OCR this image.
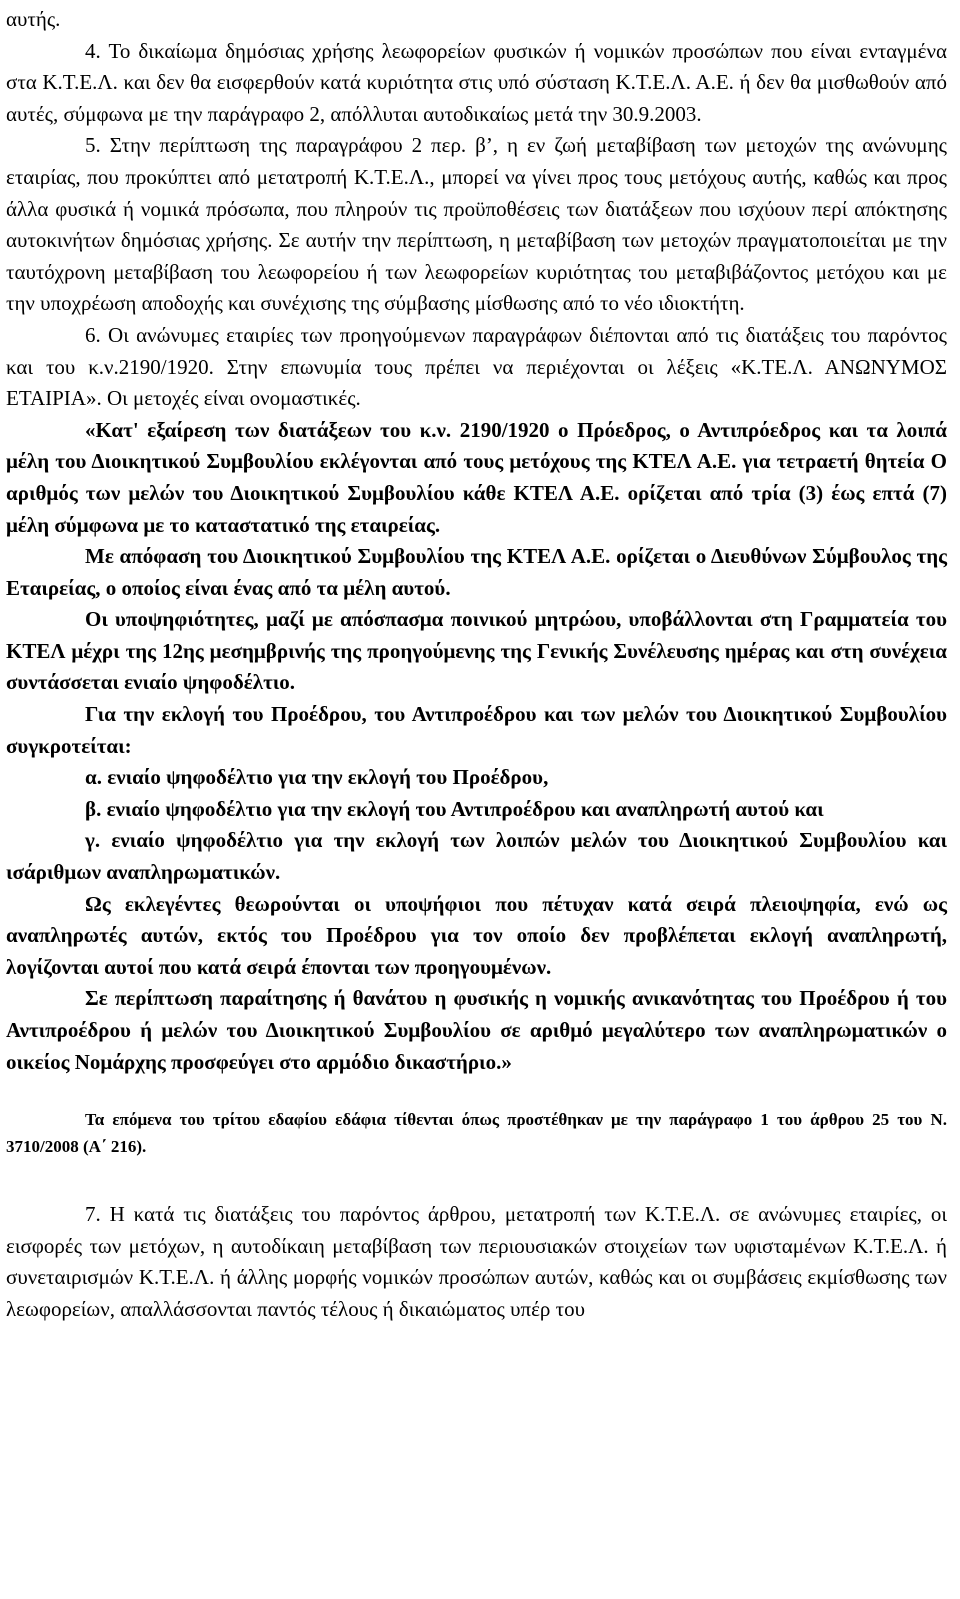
αυτής.

4. Το δικαίωμα δημόσιας χρήσης λεωφορείων φυσικών ή νομικών προσώπων που είναι ενταγμένα στα Κ.Τ.Ε.Λ. και δεν θα εισφερθούν κατά κυριότητα στις υπό σύσταση Κ.Τ.Ε.Λ. Α.Ε. ή δεν θα μισθωθούν από αυτές, σύμφωνα με την παράγραφο 2, απόλλυται αυτοδικαίως μετά την 30.9.2003.

5. Στην περίπτωση της παραγράφου 2 περ. β’, η εν ζωή μεταβίβαση των μετοχών της ανώνυμης εταιρίας, που προκύπτει από μετατροπή Κ.Τ.Ε.Λ., μπορεί να γίνει προς τους μετόχους αυτής, καθώς και προς άλλα φυσικά ή νομικά πρόσωπα, που πληρούν τις προϋποθέσεις των διατάξεων που ισχύουν περί απόκτησης αυτοκινήτων δημόσιας χρήσης. Σε αυτήν την περίπτωση, η μεταβίβαση των μετοχών πραγματοποιείται με την ταυτόχρονη μεταβίβαση του λεωφορείου ή των λεωφορείων κυριότητας του μεταβιβάζοντος μετόχου και με την υποχρέωση αποδοχής και συνέχισης της σύμβασης μίσθωσης από το νέο ιδιοκτήτη.

6. Οι ανώνυμες εταιρίες των προηγούμενων παραγράφων διέπονται από τις διατάξεις του παρόντος και του κ.ν.2190/1920. Στην επωνυμία τους πρέπει να περιέχονται οι λέξεις «Κ.ΤΕ.Λ. ΑΝΩΝΥΜΟΣ ΕΤΑΙΡΙΑ». Οι μετοχές είναι ονομαστικές.

«Κατ' εξαίρεση των διατάξεων του κ.ν. 2190/1920 ο Πρόεδρος, ο Αντιπρόεδρος και τα λοιπά μέλη του Διοικητικού Συμβουλίου εκλέγονται από τους μετόχους της ΚΤΕΛ Α.Ε. για τετραετή θητεία Ο αριθμός των μελών του Διοικητικού Συμβουλίου κάθε ΚΤΕΛ Α.Ε. ορίζεται από τρία (3) έως επτά (7) μέλη σύμφωνα με το καταστατικό της εταιρείας.

Με απόφαση του Διοικητικού Συμβουλίου της ΚΤΕΛ Α.Ε. ορίζεται ο Διευθύνων Σύμβουλος της Εταιρείας, ο οποίος είναι ένας από τα μέλη αυτού.

Οι υποψηφιότητες, μαζί με απόσπασμα ποινικού μητρώου, υποβάλλονται στη Γραμματεία του ΚΤΕΛ μέχρι της 12ης μεσημβρινής της προηγούμενης της Γενικής Συνέλευσης ημέρας και στη συνέχεια συντάσσεται ενιαίο ψηφοδέλτιο.

Για την εκλογή του Προέδρου, του Αντιπροέδρου και των μελών του Διοικητικού Συμβουλίου συγκροτείται:

α. ενιαίο ψηφοδέλτιο για την εκλογή του Προέδρου,

β. ενιαίο ψηφοδέλτιο για την εκλογή του Αντιπροέδρου και αναπληρωτή αυτού και

γ. ενιαίο ψηφοδέλτιο για την εκλογή των λοιπών μελών του Διοικητικού Συμβουλίου και ισάριθμων αναπληρωματικών.

Ως εκλεγέντες θεωρούνται οι υποψήφιοι που πέτυχαν κατά σειρά πλειοψηφία, ενώ ως αναπληρωτές αυτών, εκτός του Προέδρου για τον οποίο δεν προβλέπεται εκλογή αναπληρωτή, λογίζονται αυτοί που κατά σειρά έπονται των προηγουμένων.

Σε περίπτωση παραίτησης ή θανάτου η φυσικής η νομικής ανικανότητας του Προέδρου ή του Αντιπροέδρου ή μελών του Διοικητικού Συμβουλίου σε αριθμό μεγαλύτερο των αναπληρωματικών ο οικείος Νομάρχης προσφεύγει στο αρμόδιο δικαστήριο.»

Τα επόμενα του τρίτου εδαφίου εδάφια τίθενται όπως προστέθηκαν με την παράγραφο 1 του άρθρου 25 του Ν. 3710/2008 (Α΄ 216).

7. Η κατά τις διατάξεις του παρόντος άρθρου, μετατροπή των Κ.Τ.Ε.Λ. σε ανώνυμες εταιρίες, οι εισφορές των μετόχων, η αυτοδίκαιη μεταβίβαση των περιουσιακών στοιχείων των υφισταμένων Κ.Τ.Ε.Λ. ή συνεταιρισμών Κ.Τ.Ε.Λ. ή άλλης μορφής νομικών προσώπων αυτών, καθώς και οι συμβάσεις εκμίσθωσης των λεωφορείων, απαλλάσσονται παντός τέλους ή δικαιώματος υπέρ του
